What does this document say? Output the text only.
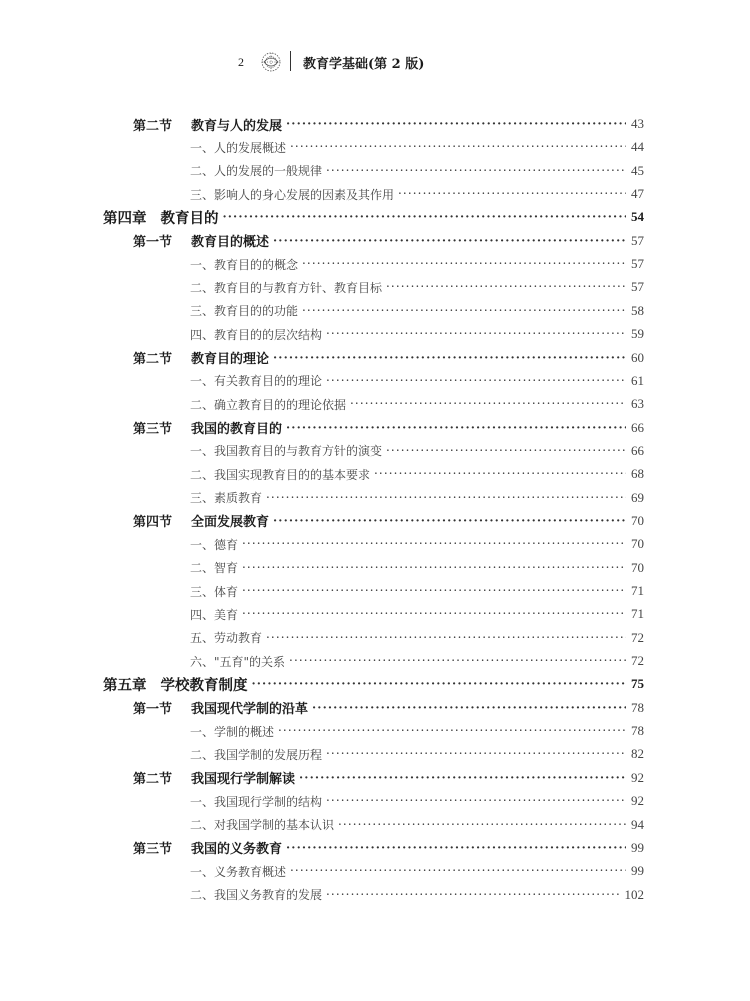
2	教育学基础(第 2 版)
第二节	教育与人的发展 ·····	43
一、人的发展概述 ·····	44
二、人的发展的一般规律 ·····	45
三、影响人的身心发展的因素及其作用 ·····	47
第四章 教育目的 ·····	54
第一节	教育目的概述 ·····	57
一、教育目的的概念 ·····	57
二、教育目的与教育方针、教育目标 ·····	57
三、教育目的的功能 ·····	58
四、教育目的的层次结构 ·····	59
第二节	教育目的理论 ·····	60
一、有关教育目的的理论 ·····	61
二、确立教育目的的理论依据 ·····	63
第三节	我国的教育目的 ·····	66
一、我国教育目的与教育方针的演变 ·····	66
二、我国实现教育目的的基本要求 ·····	68
三、素质教育 ·····	69
第四节	全面发展教育 ·····	70
一、德育 ·····	70
二、智育 ·····	70
三、体育 ·····	71
四、美育 ·····	71
五、劳动教育 ·····	72
六、"五育"的关系 ·····	72
第五章 学校教育制度 ·····	75
第一节	我国现代学制的沿革 ·····	78
一、学制的概述 ·····	78
二、我国学制的发展历程 ·····	82
第二节	我国现行学制解读 ·····	92
一、我国现行学制的结构 ·····	92
二、对我国学制的基本认识 ·····	94
第三节	我国的义务教育 ·····	99
一、义务教育概述 ·····	99
二、我国义务教育的发展 ·····	102
